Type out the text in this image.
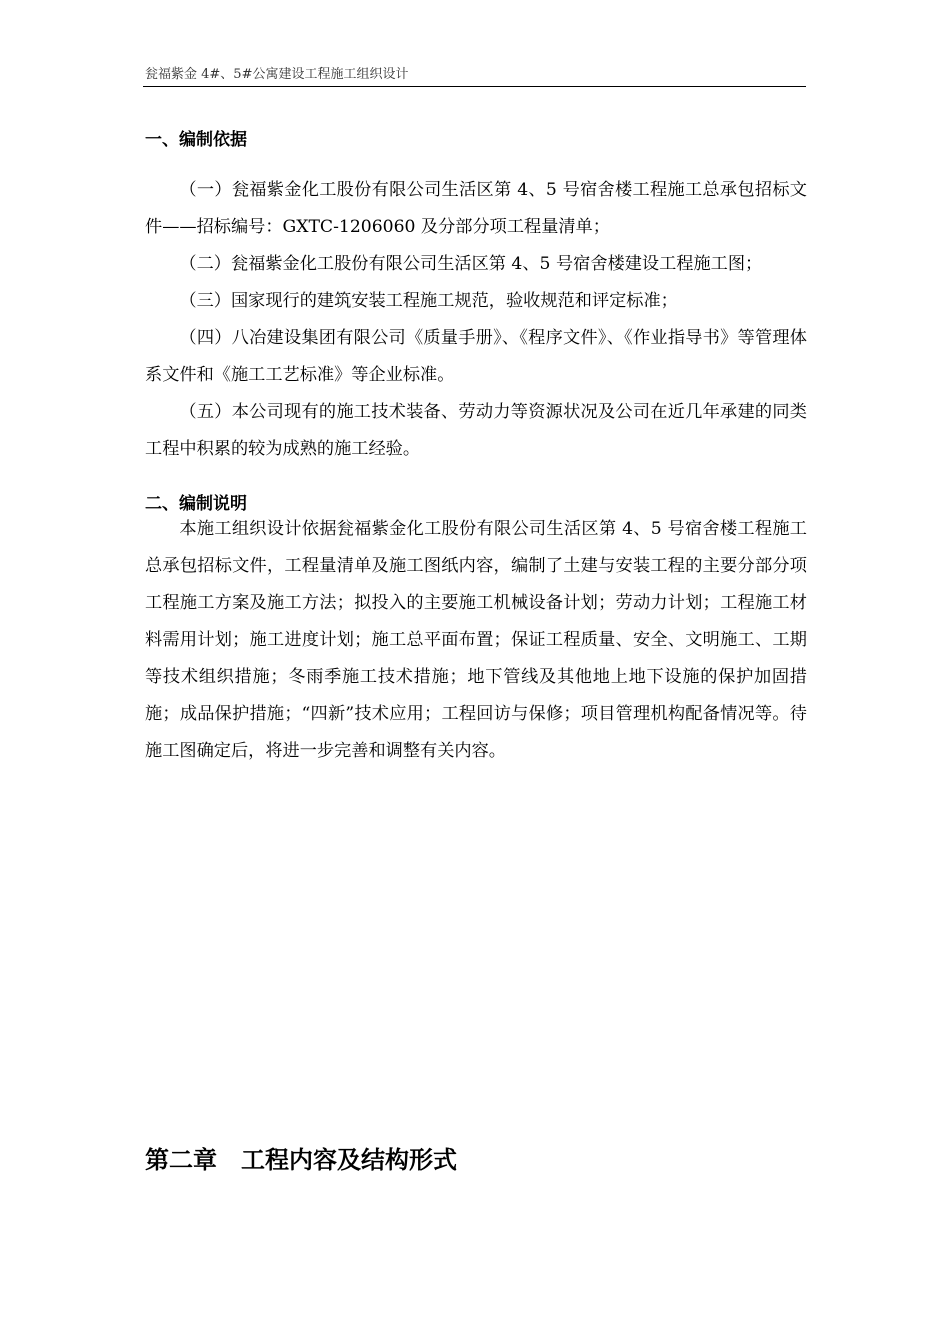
瓮福紫金 4#、5#公寓建设工程施工组织设计
一、编制依据

（一）瓮福紫金化工股份有限公司生活区第 4、5 号宿舍楼工程施工总承包招标文件——招标编号：GXTC-1206060 及分部分项工程量清单；

（二）瓮福紫金化工股份有限公司生活区第 4、5 号宿舍楼建设工程施工图；

（三）国家现行的建筑安装工程施工规范，验收规范和评定标准；

（四）八冶建设集团有限公司《质量手册》、《程序文件》、《作业指导书》等管理体系文件和《施工工艺标准》等企业标准。

（五）本公司现有的施工技术装备、劳动力等资源状况及公司在近几年承建的同类工程中积累的较为成熟的施工经验。

二、编制说明

本施工组织设计依据瓮福紫金化工股份有限公司生活区第 4、5 号宿舍楼工程施工总承包招标文件，工程量清单及施工图纸内容，编制了土建与安装工程的主要分部分项工程施工方案及施工方法；拟投入的主要施工机械设备计划；劳动力计划；工程施工材料需用计划；施工进度计划；施工总平面布置；保证工程质量、安全、文明施工、工期等技术组织措施；冬雨季施工技术措施；地下管线及其他地上地下设施的保护加固措施；成品保护措施；“四新”技术应用；工程回访与保修；项目管理机构配备情况等。待施工图确定后，将进一步完善和调整有关内容。

第二章　工程内容及结构形式
